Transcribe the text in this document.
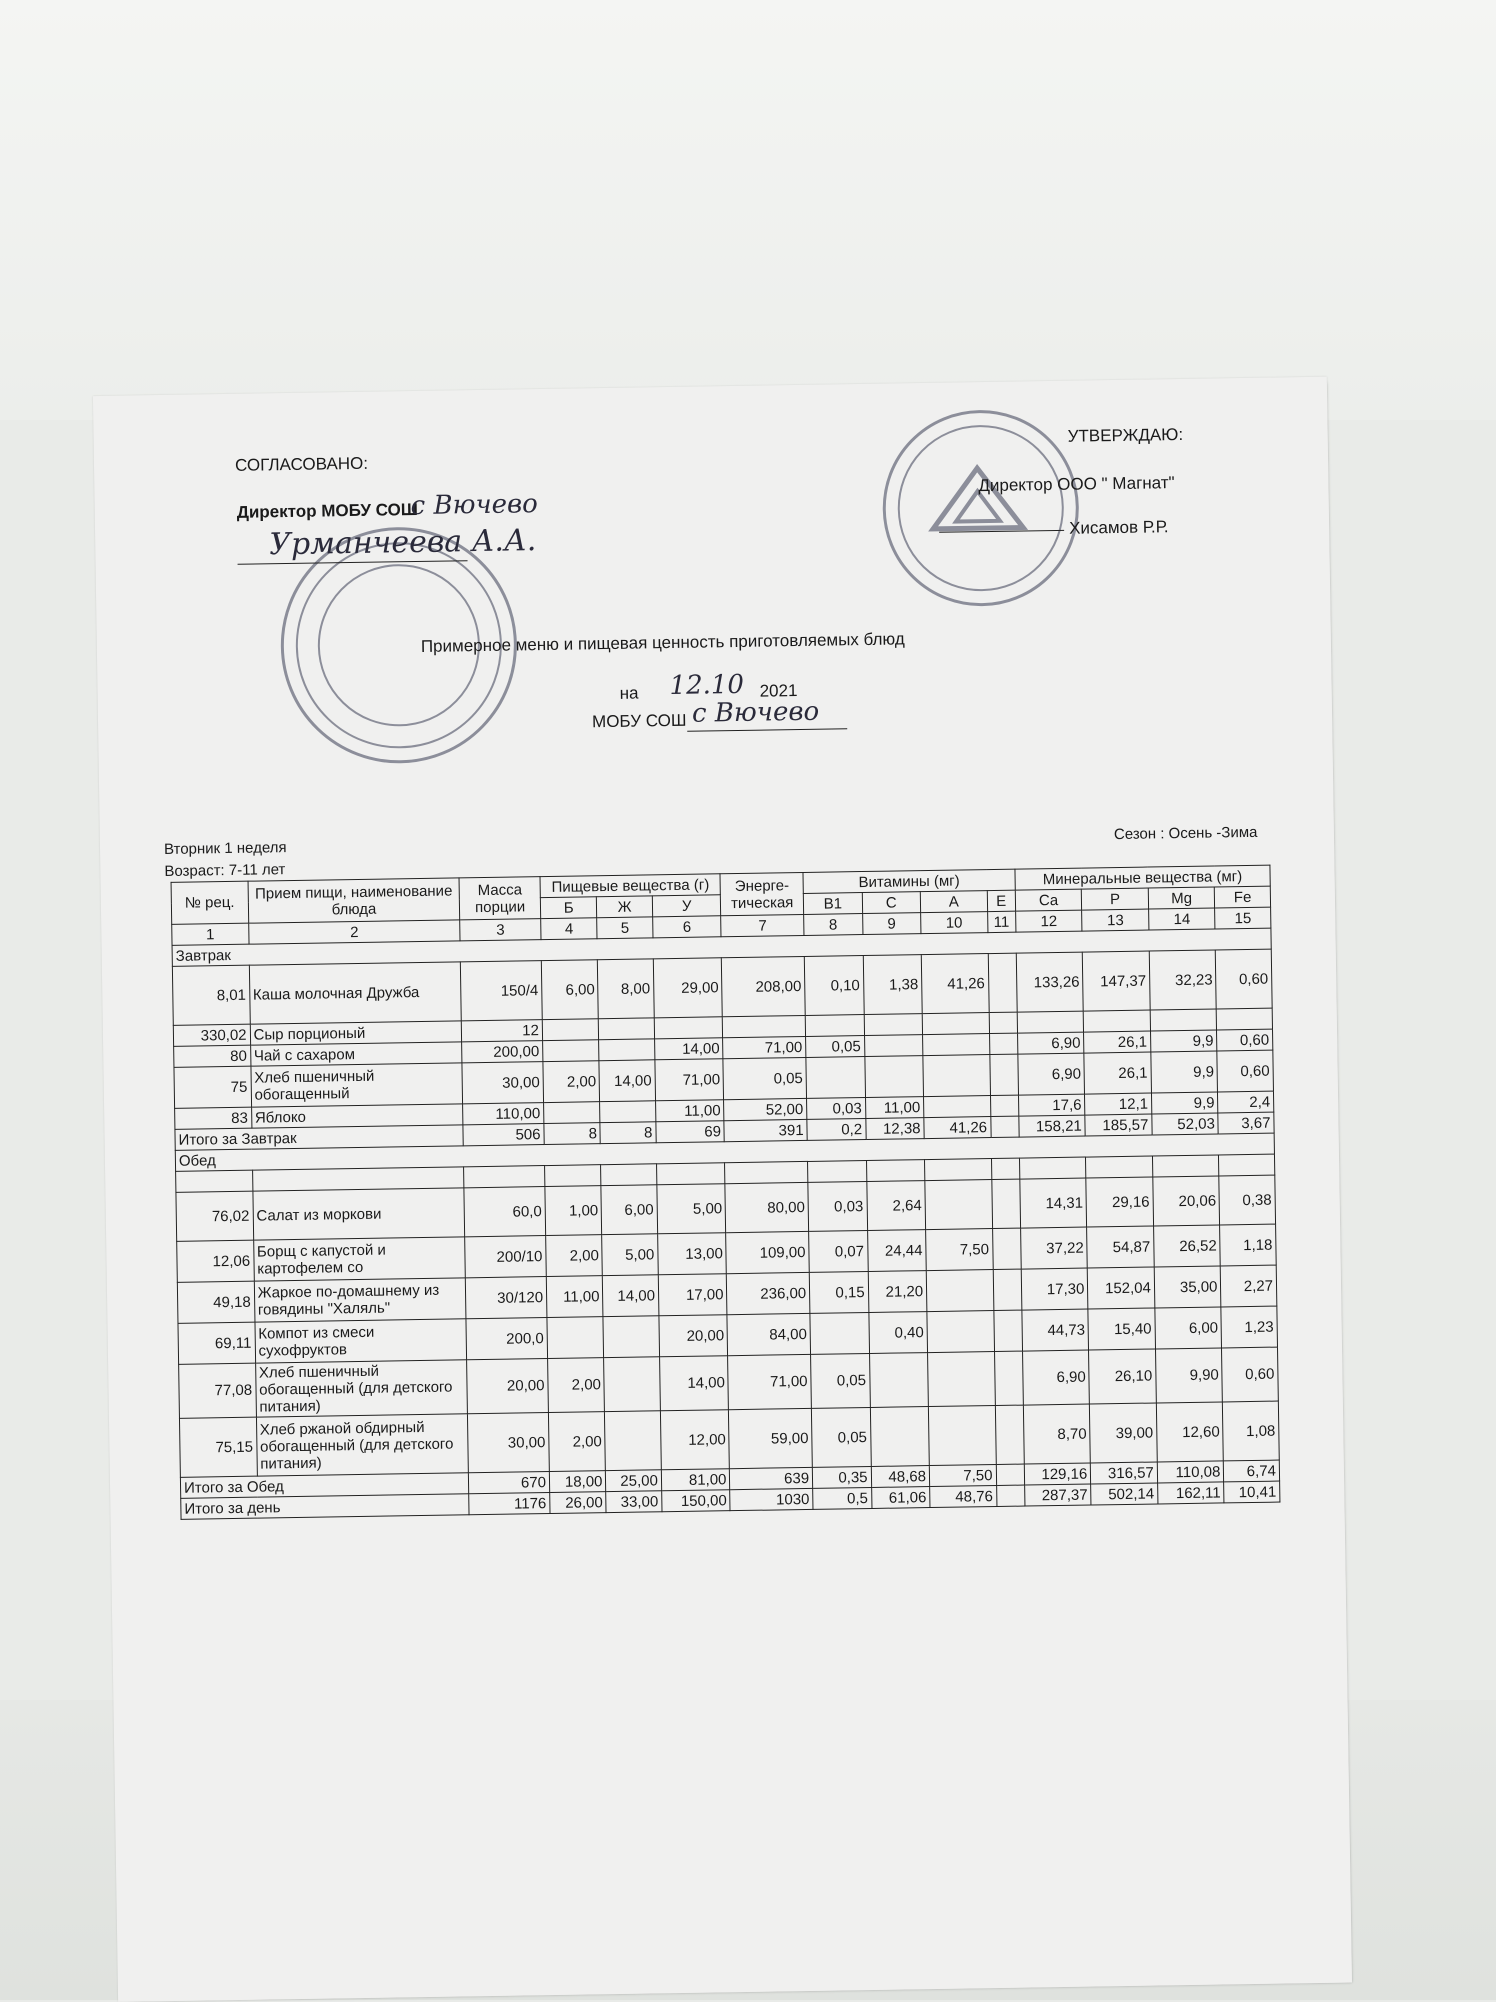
СОГЛАСОВАНО:
Директор МОБУ СОШ
с Вючево
Урманчеева А.А.
УТВЕРЖДАЮ:
Директор ООО " Магнат"
Хисамов Р.Р.
Примерное меню и пищевая ценность приготовляемых блюд
на 12.10 2021
МОБУ СОШ с Вючево
Вторник 1 неделя
Сезон : Осень -Зима
Возраст: 7-11 лет
№ рец.	Прием пищи, наименование блюда	Масса порции	Пищевые вещества (г)			Энерге-тическая	Витамины (мг)				Минеральные вещества (мг)			
			Б	Ж	У		В1	C	A	E	Ca	P	Mg	Fe
1	2	3	4	5	6	7	8	9	10	11	12	13	14	15
Завтрак														
8,01	Каша молочная Дружба	150/4	6,00	8,00	29,00	208,00	0,10	1,38	41,26		133,26	147,37	32,23	0,60
330,02	Сыр порционый	12												
80	Чай с сахаром	200,00			14,00	71,00	0,05				6,90	26,1	9,9	0,60
75	Хлеб пшеничный обогащенный	30,00	2,00	14,00	71,00	0,05					6,90	26,1	9,9	0,60
83	Яблоко	110,00			11,00	52,00	0,03	11,00			17,6	12,1	9,9	2,4
Итого за Завтрак		506	8	8	69	391	0,2	12,38	41,26		158,21	185,57	52,03	3,67
Обед														

76,02	Салат из моркови	60,0	1,00	6,00	5,00	80,00	0,03	2,64			14,31	29,16	20,06	0,38
12,06	Борщ с капустой и картофелем со	200/10	2,00	5,00	13,00	109,00	0,07	24,44	7,50		37,22	54,87	26,52	1,18
49,18	Жаркое по-домашнему из говядины "Халяль"	30/120	11,00	14,00	17,00	236,00	0,15	21,20			17,30	152,04	35,00	2,27
69,11	Компот из смеси сухофруктов	200,0			20,00	84,00		0,40			44,73	15,40	6,00	1,23
77,08	Хлеб пшеничный обогащенный (для детского питания)	20,00	2,00		14,00	71,00	0,05				6,90	26,10	9,90	0,60
75,15	Хлеб ржаной обдирный обогащенный (для детского питания)	30,00	2,00		12,00	59,00	0,05				8,70	39,00	12,60	1,08
Итого за Обед		670	18,00	25,00	81,00	639	0,35	48,68	7,50		129,16	316,57	110,08	6,74
Итого за день		1176	26,00	33,00	150,00	1030	0,5	61,06	48,76		287,37	502,14	162,11	10,41
